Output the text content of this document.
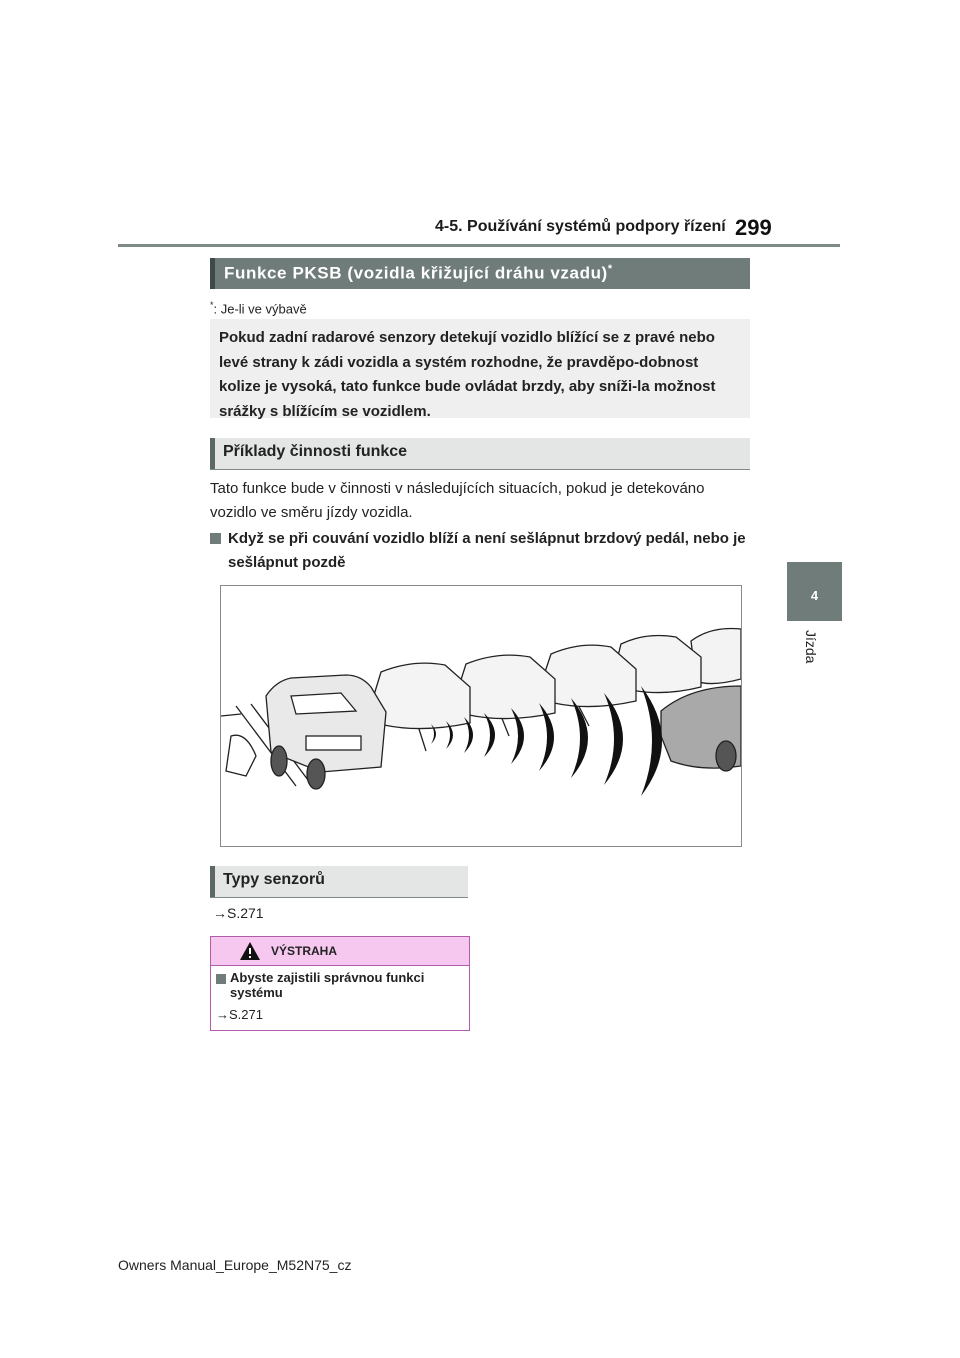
4-5. Používání systémů podpory řízení 299
4
Jízda
Funkce PKSB (vozidla křižující dráhu vzadu)*
*: Je-li ve výbavě
Pokud zadní radarové senzory detekují vozidlo blížící se z pravé nebo levé strany k zádi vozidla a systém rozhodne, že pravděpo-dobnost kolize je vysoká, tato funkce bude ovládat brzdy, aby sníži-la možnost srážky s blížícím se vozidlem.
Příklady činnosti funkce
Tato funkce bude v činnosti v následujících situacích, pokud je detekováno vozidlo ve směru jízdy vozidla.
Když se při couvání vozidlo blíží a není sešlápnut brzdový pedál, nebo je sešlápnut pozdě
Typy senzorů
→S.271
VÝSTRAHA
Abyste zajistili správnou funkci systému
→S.271
Owners Manual_Europe_M52N75_cz
